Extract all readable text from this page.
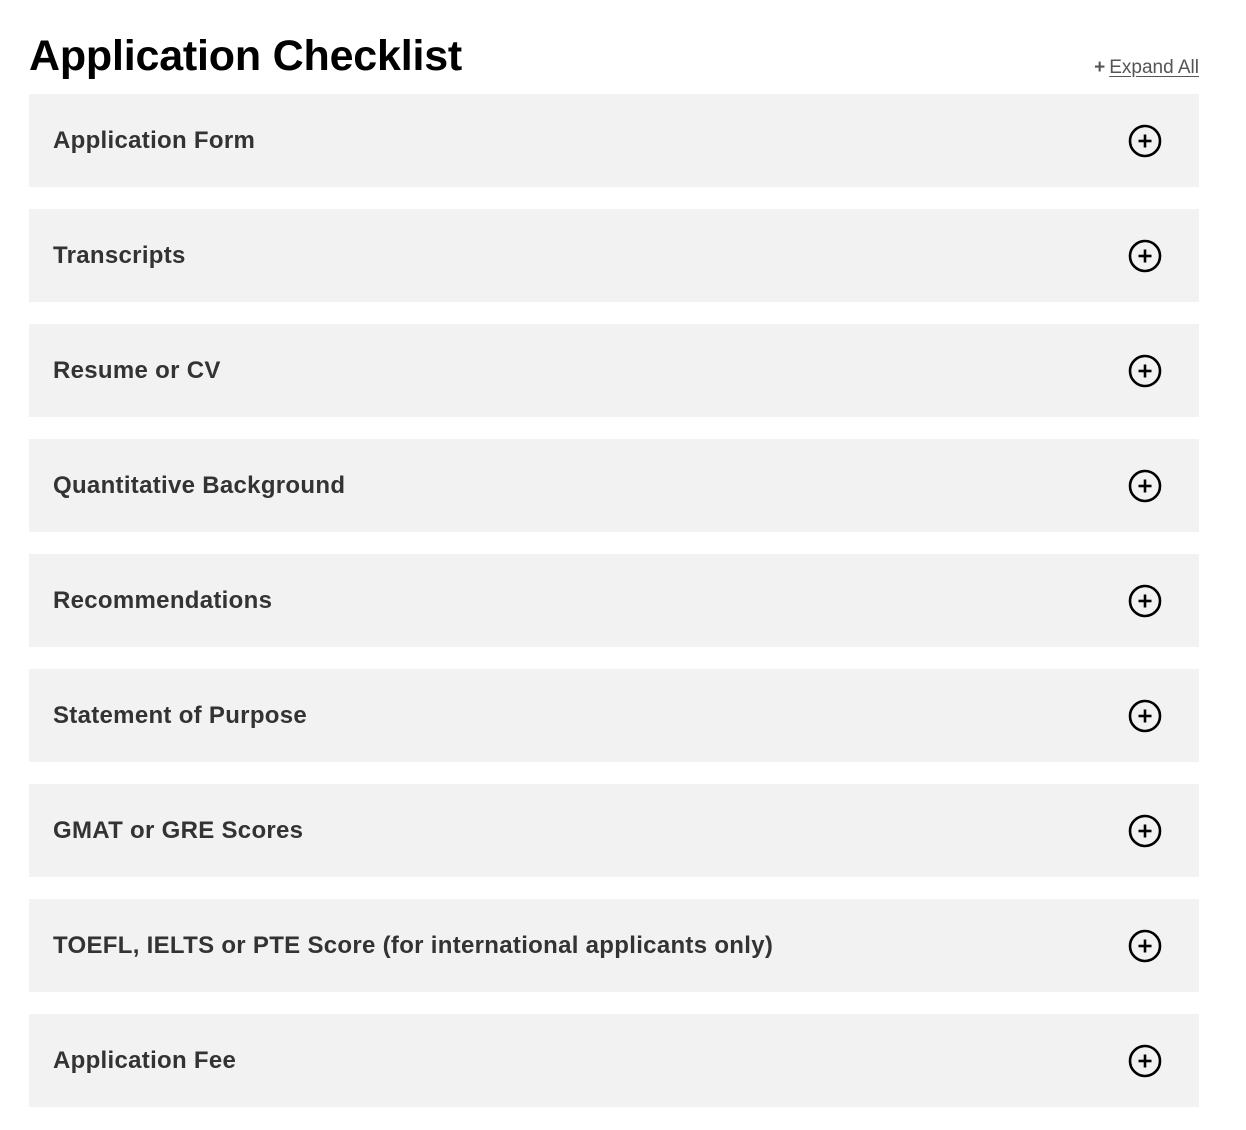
Application Checklist	+ Expand All
Application Form
Transcripts
Resume or CV
Quantitative Background
Recommendations
Statement of Purpose
GMAT or GRE Scores
TOEFL, IELTS or PTE Score (for international applicants only)
Application Fee
